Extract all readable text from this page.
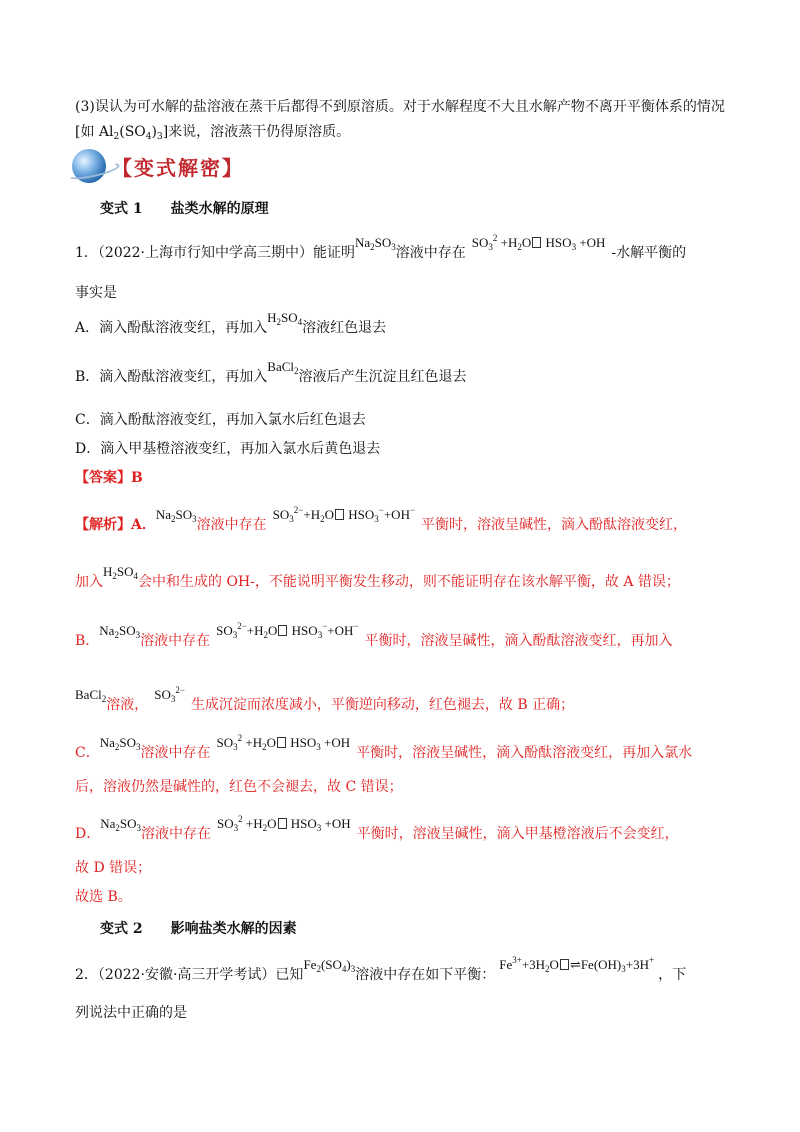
(3)误认为可水解的盐溶液在蒸干后都得不到原溶质。对于水解程度不大且水解产物不离开平衡体系的情况
[如 $Al_2(SO_4)_3$]来说，溶液蒸干仍得原溶质。
【变式解密】
变式 1 盐类水解的原理
1．（2022·上海市行知中学高三期中）能证明$Na_2SO_3$溶液中存在$SO_3^2 +H_2O$ $HSO_3 +OH-$水解平衡的
事实是
A．滴入酚酞溶液变红，再加入$H_2SO_4$溶液红色退去
B．滴入酚酞溶液变红，再加入BaCl$_2$溶液后产生沉淀且红色退去
C．滴入酚酞溶液变红，再加入氯水后红色退去
D．滴入甲基橙溶液变红，再加入氯水后黄色退去
【答案】B
【解析】A．$Na_2SO_3$溶液中存在$SO_3^{2-}+H_2O$ $HSO_3^-+OH^-$平衡时，溶液呈碱性，滴入酚酞溶液变红，
加入$H_2SO_4$会中和生成的 OH-，不能说明平衡发生移动，则不能证明存在该水解平衡，故 A 错误；
B．$Na_2SO_3$溶液中存在$SO_3^{2-}+H_2O$ $HSO_3^-+OH^-$平衡时，溶液呈碱性，滴入酚酞溶液变红，再加入
BaCl$_2$溶液，$SO_3^{2-}$生成沉淀而浓度减小，平衡逆向移动，红色褪去，故 B 正确；
C．$Na_2SO_3$溶液中存在$SO_3^2 +H_2O$ $HSO_3 +OH$平衡时，溶液呈碱性，滴入酚酞溶液变红，再加入氯水
后，溶液仍然是碱性的，红色不会褪去，故 C 错误；
D．$Na_2SO_3$溶液中存在$SO_3^2 +H_2O$ $HSO_3 +OH$平衡时，溶液呈碱性，滴入甲基橙溶液后不会变红，
故 D 错误；
故选 B。
变式 2 影响盐类水解的因素
2．（2022·安徽·高三开学考试）已知$Fe_2(SO_4)_3$溶液中存在如下平衡：$Fe^{3+}+3H_2O$ $\rightleftharpoons Fe(OH)_3+3H^+$，下
列说法中正确的是
